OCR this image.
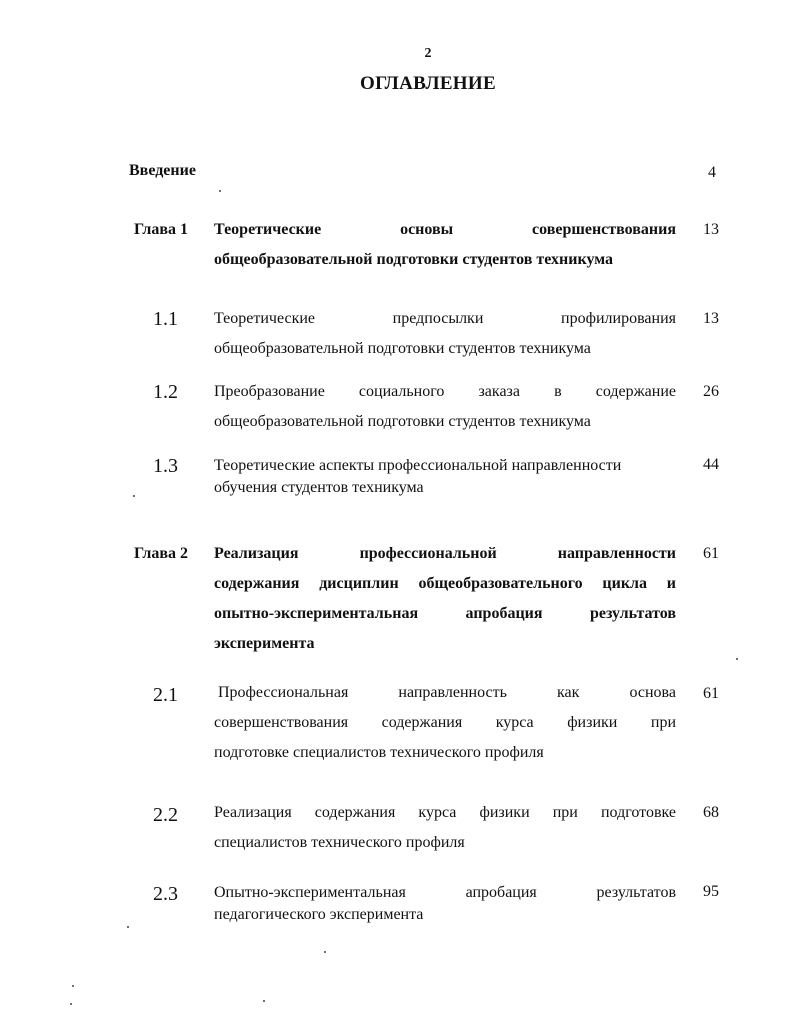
2
ОГЛАВЛЕНИЕ
Введение	4
Глава 1 Теоретические основы совершенствования
общеобразовательной подготовки студентов техникума
13
1.1 Теоретические предпосылки профилирования
общеобразовательной подготовки студентов техникума
13
1.2 Преобразование социального заказа в содержание
общеобразовательной подготовки студентов техникума
26
1.3 Теоретические аспекты профессиональной направленности
обучения студентов техникума
44
Глава 2 Реализация профессиональной направленности
содержания дисциплин общеобразовательного цикла и
опытно-экспериментальная апробация результатов
эксперимента
61
2.1	Профессиональная направленность как основа
совершенствования содержания курса физики при
подготовке специалистов технического профиля
61
2.2 Реализация содержания курса физики при подготовке
специалистов технического профиля
68
2.3 Опытно-экспериментальная апробация результатов
педагогического эксперимента
95
